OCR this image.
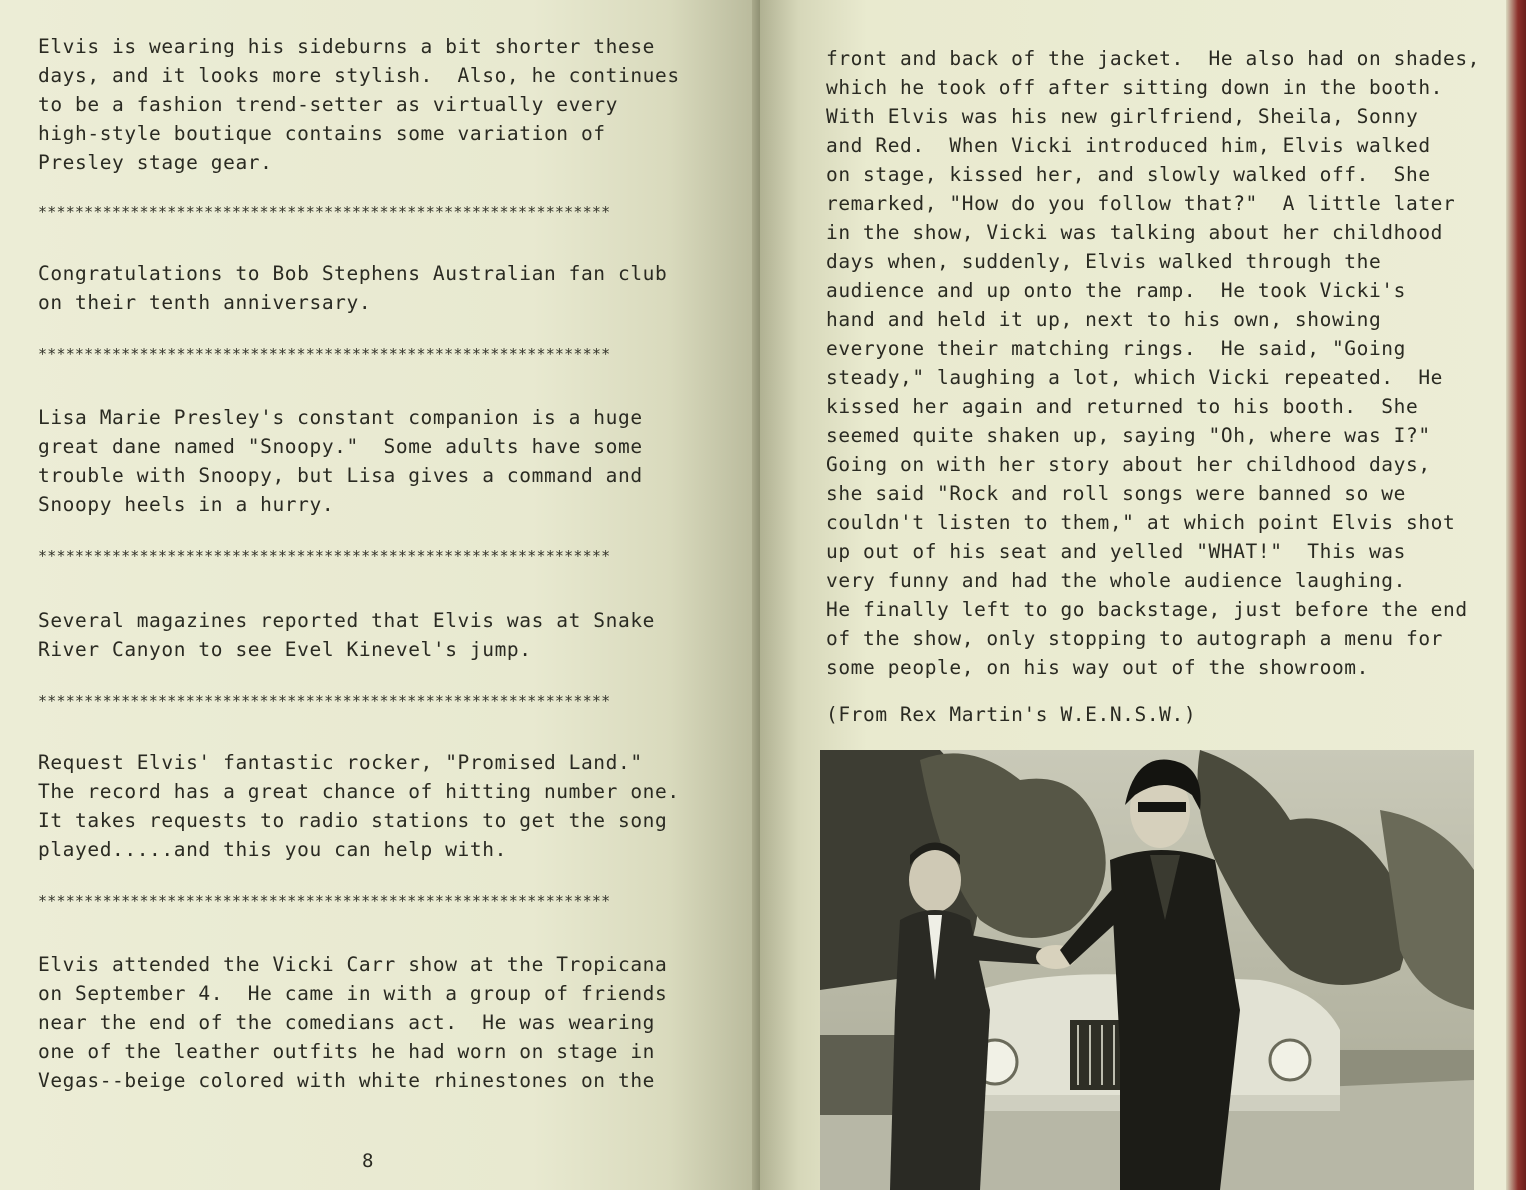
Elvis is wearing his sideburns a bit shorter these
days, and it looks more stylish.  Also, he continues
to be a fashion trend-setter as virtually every
high-style boutique contains some variation of
Presley stage gear.

**************************************************************

Congratulations to Bob Stephens Australian fan club
on their tenth anniversary.

**************************************************************

Lisa Marie Presley's constant companion is a huge
great dane named "Snoopy."  Some adults have some
trouble with Snoopy, but Lisa gives a command and
Snoopy heels in a hurry.

**************************************************************

Several magazines reported that Elvis was at Snake
River Canyon to see Evel Kinevel's jump.

**************************************************************

Request Elvis' fantastic rocker, "Promised Land."
The record has a great chance of hitting number one.
It takes requests to radio stations to get the song
played.....and this you can help with.

**************************************************************

Elvis attended the Vicki Carr show at the Tropicana
on September 4.  He came in with a group of friends
near the end of the comedians act.  He was wearing
one of the leather outfits he had worn on stage in
Vegas--beige colored with white rhinestones on the

8

front and back of the jacket.  He also had on shades,
which he took off after sitting down in the booth.
With Elvis was his new girlfriend, Sheila, Sonny
and Red.  When Vicki introduced him, Elvis walked
on stage, kissed her, and slowly walked off.  She
remarked, "How do you follow that?"  A little later
in the show, Vicki was talking about her childhood
days when, suddenly, Elvis walked through the
audience and up onto the ramp.  He took Vicki's
hand and held it up, next to his own, showing
everyone their matching rings.  He said, "Going
steady," laughing a lot, which Vicki repeated.  He
kissed her again and returned to his booth.  She
seemed quite shaken up, saying "Oh, where was I?"
Going on with her story about her childhood days,
she said "Rock and roll songs were banned so we
couldn't listen to them," at which point Elvis shot
up out of his seat and yelled "WHAT!"  This was
very funny and had the whole audience laughing.
He finally left to go backstage, just before the end
of the show, only stopping to autograph a menu for
some people, on his way out of the showroom.

(From Rex Martin's W.E.N.S.W.)
